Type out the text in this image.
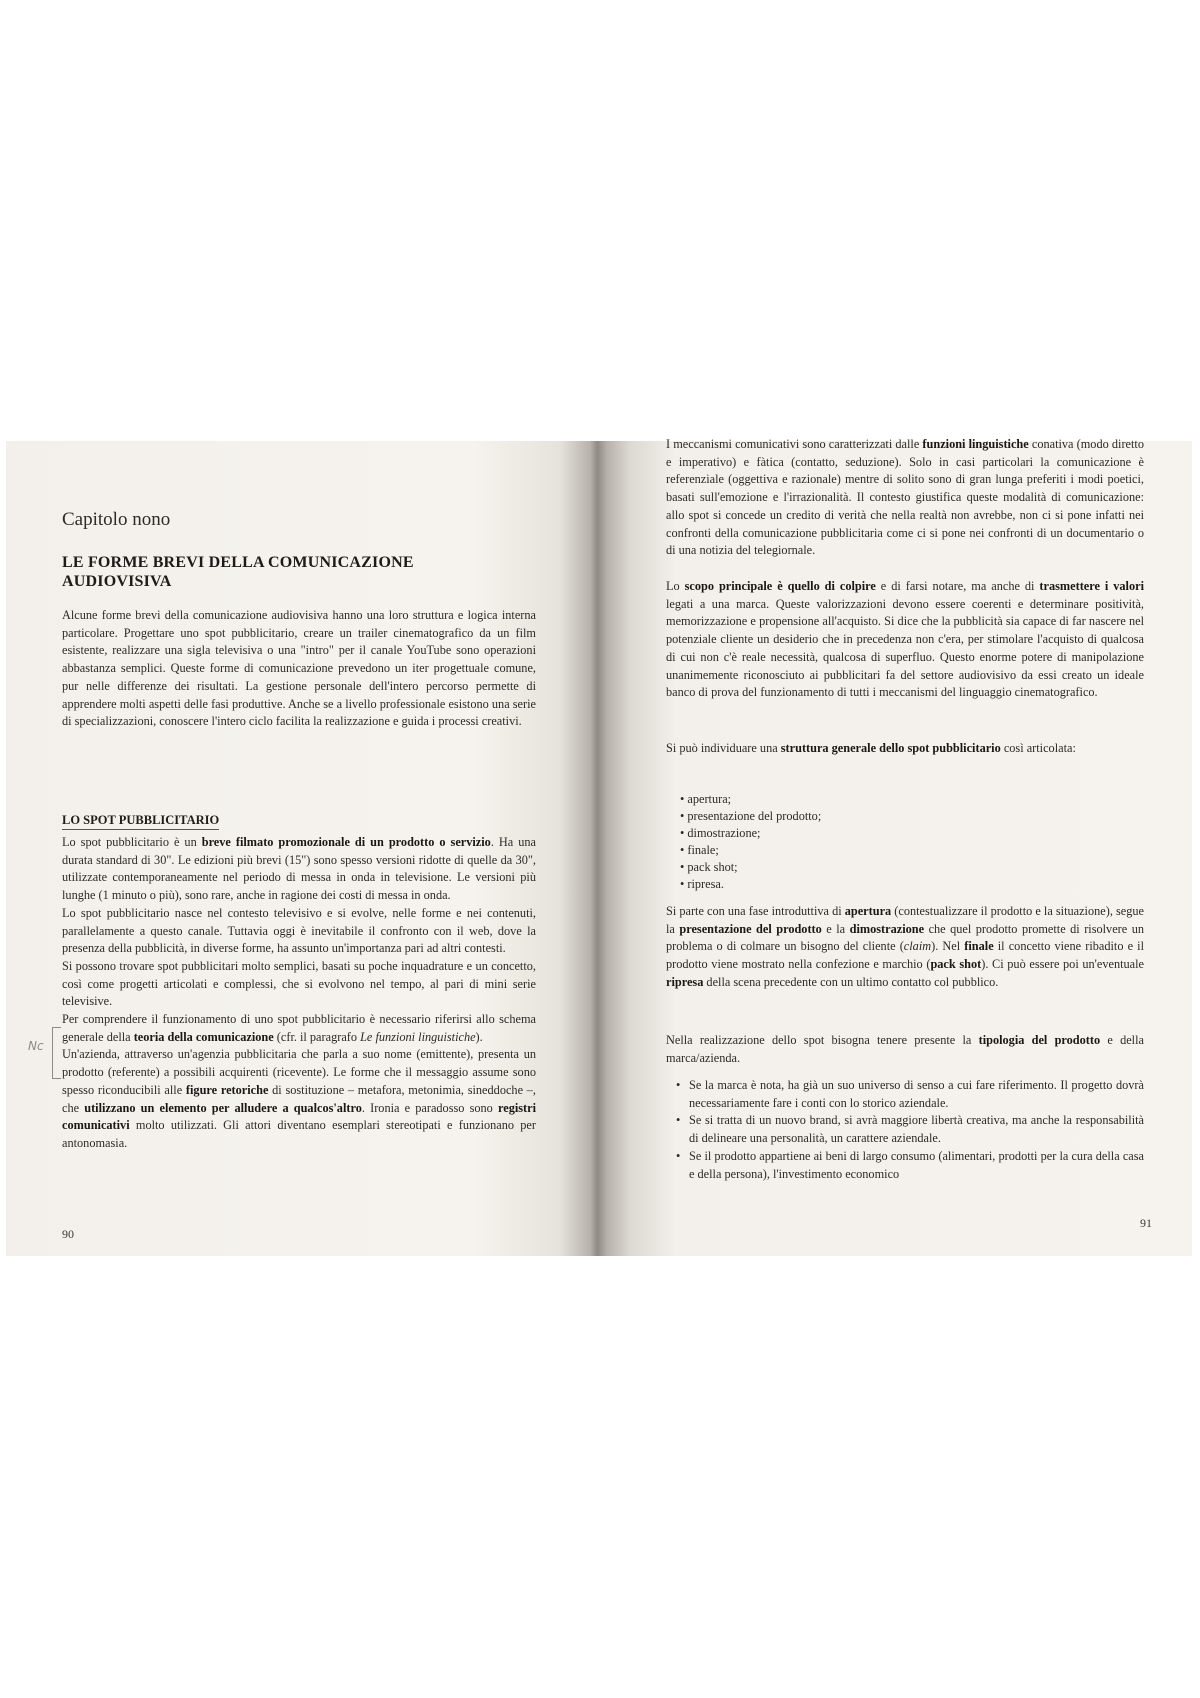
Capitolo nono
LE FORME BREVI DELLA COMUNICAZIONE
AUDIOVISIVA

Alcune forme brevi della comunicazione audiovisiva hanno una loro struttura e logica interna particolare. Progettare uno spot pubblicitario, creare un trailer cinematografico da un film esistente, realizzare una sigla televisiva o una "intro" per il canale YouTube sono operazioni abbastanza semplici. Queste forme di comunicazione prevedono un iter progettuale comune, pur nelle differenze dei risultati. La gestione personale dell'intero percorso permette di apprendere molti aspetti delle fasi produttive. Anche se a livello professionale esistono una serie di specializzazioni, conoscere l'intero ciclo facilita la realizzazione e guida i processi creativi.

LO SPOT PUBBLICITARIO
Lo spot pubblicitario è un breve filmato promozionale di un prodotto o servizio. Ha una durata standard di 30". Le edizioni più brevi (15") sono spesso versioni ridotte di quelle da 30", utilizzate contemporaneamente nel periodo di messa in onda in televisione. Le versioni più lunghe (1 minuto o più), sono rare, anche in ragione dei costi di messa in onda.
Lo spot pubblicitario nasce nel contesto televisivo e si evolve, nelle forme e nei contenuti, parallelamente a questo canale. Tuttavia oggi è inevitabile il confronto con il web, dove la presenza della pubblicità, in diverse forme, ha assunto un'importanza pari ad altri contesti.
Si possono trovare spot pubblicitari molto semplici, basati su poche inquadrature e un concetto, così come progetti articolati e complessi, che si evolvono nel tempo, al pari di mini serie televisive.
Per comprendere il funzionamento di uno spot pubblicitario è necessario riferirsi allo schema generale della teoria della comunicazione (cfr. il paragrafo Le funzioni linguistiche).
Un'azienda, attraverso un'agenzia pubblicitaria che parla a suo nome (emittente), presenta un prodotto (referente) a possibili acquirenti (ricevente). Le forme che il messaggio assume sono spesso riconducibili alle figure retoriche di sostituzione – metafora, metonimia, sineddoche –, che utilizzano un elemento per alludere a qualcos'altro. Ironia e paradosso sono registri comunicativi molto utilizzati. Gli attori diventano esemplari stereotipati e funzionano per antonomasia.
Nc
90

I meccanismi comunicativi sono caratterizzati dalle funzioni linguistiche conativa (modo diretto e imperativo) e fàtica (contatto, seduzione). Solo in casi particolari la comunicazione è referenziale (oggettiva e razionale) mentre di solito sono di gran lunga preferiti i modi poetici, basati sull'emozione e l'irrazionalità. Il contesto giustifica queste modalità di comunicazione: allo spot si concede un credito di verità che nella realtà non avrebbe, non ci si pone infatti nei confronti della comunicazione pubblicitaria come ci si pone nei confronti di un documentario o di una notizia del telegiornale.

Lo scopo principale è quello di colpire e di farsi notare, ma anche di trasmettere i valori legati a una marca. Queste valorizzazioni devono essere coerenti e determinare positività, memorizzazione e propensione all'acquisto. Si dice che la pubblicità sia capace di far nascere nel potenziale cliente un desiderio che in precedenza non c'era, per stimolare l'acquisto di qualcosa di cui non c'è reale necessità, qualcosa di superfluo. Questo enorme potere di manipolazione unanimemente riconosciuto ai pubblicitari fa del settore audiovisivo da essi creato un ideale banco di prova del funzionamento di tutti i meccanismi del linguaggio cinematografico.

Si può individuare una struttura generale dello spot pubblicitario così articolata:

• apertura;
• presentazione del prodotto;
• dimostrazione;
• finale;
• pack shot;
• ripresa.

Si parte con una fase introduttiva di apertura (contestualizzare il prodotto e la situazione), segue la presentazione del prodotto e la dimostrazione che quel prodotto promette di risolvere un problema o di colmare un bisogno del cliente (claim). Nel finale il concetto viene ribadito e il prodotto viene mostrato nella confezione e marchio (pack shot). Ci può essere poi un'eventuale ripresa della scena precedente con un ultimo contatto col pubblico.

Nella realizzazione dello spot bisogna tenere presente la tipologia del prodotto e della marca/azienda.

• Se la marca è nota, ha già un suo universo di senso a cui fare riferimento. Il progetto dovrà necessariamente fare i conti con lo storico aziendale.
• Se si tratta di un nuovo brand, si avrà maggiore libertà creativa, ma anche la responsabilità di delineare una personalità, un carattere aziendale.
• Se il prodotto appartiene ai beni di largo consumo (alimentari, prodotti per la cura della casa e della persona), l'investimento economico
91
